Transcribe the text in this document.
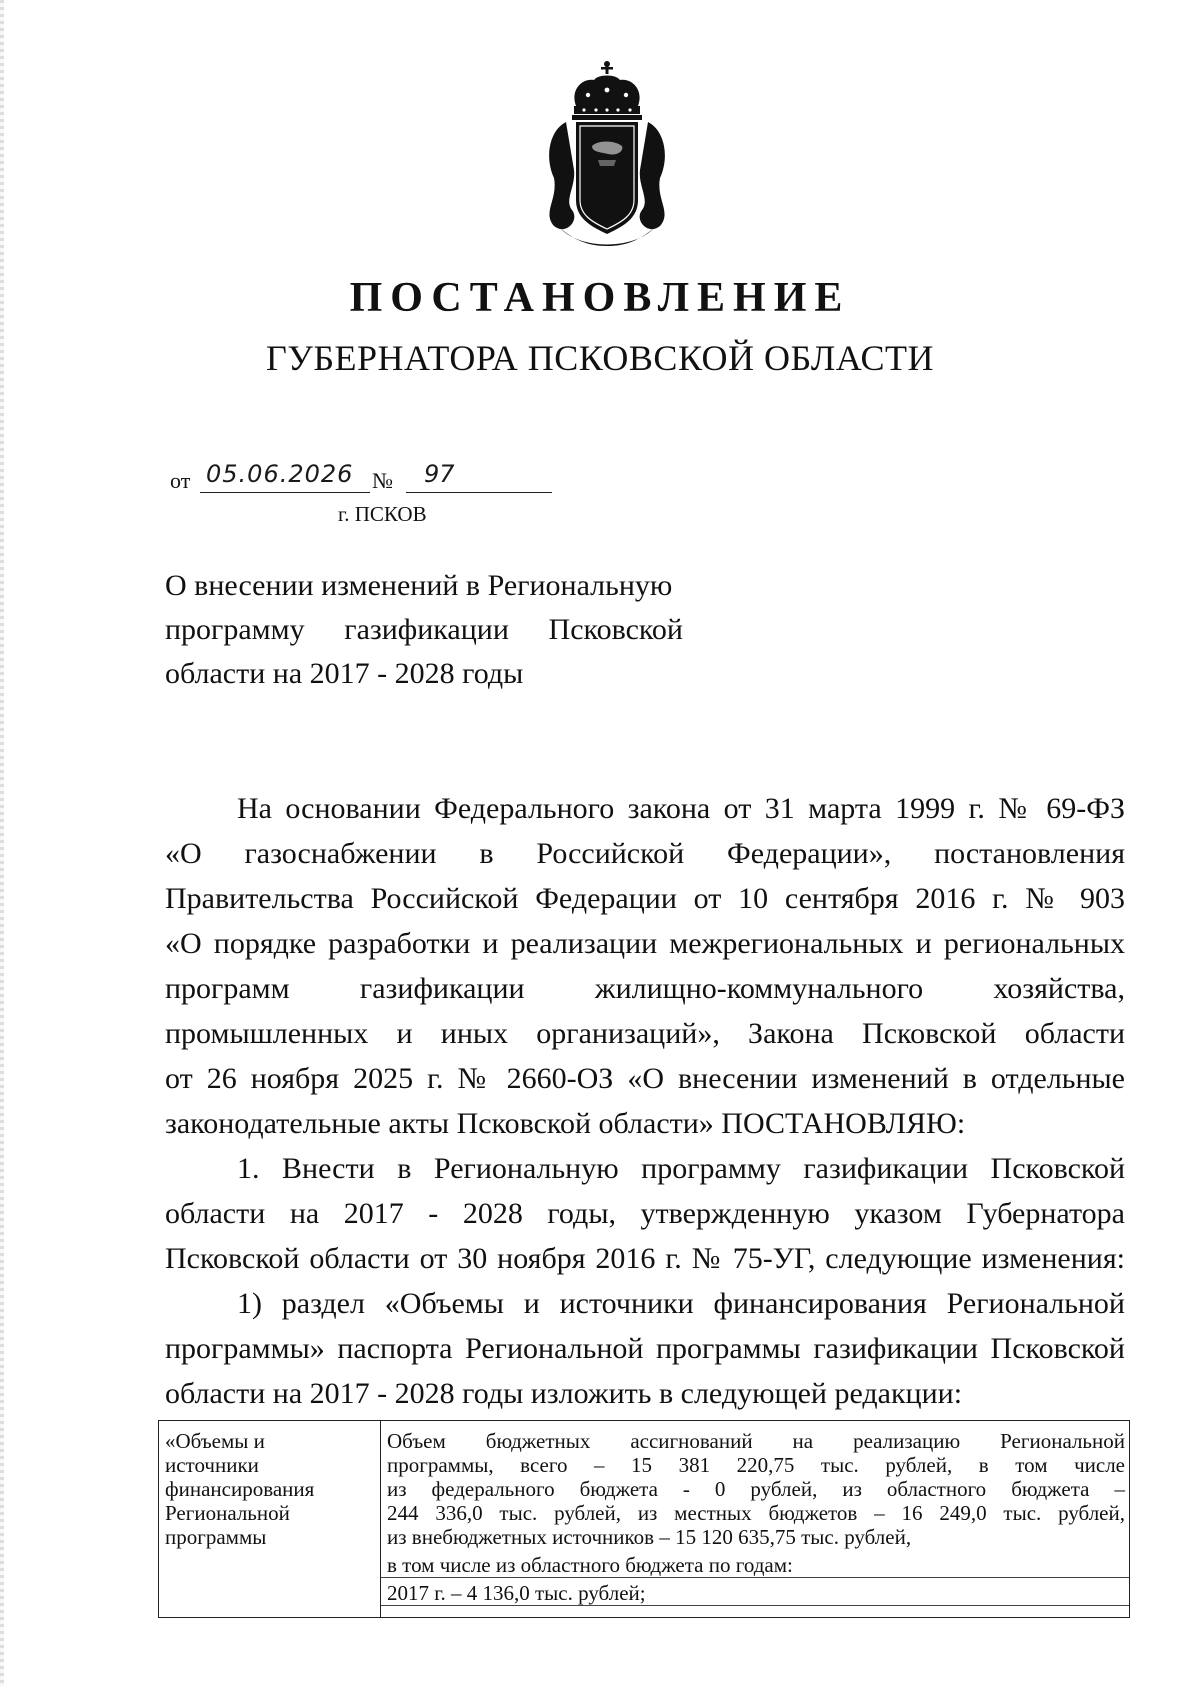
ПОСТАНОВЛЕНИЕ
ГУБЕРНАТОРА ПСКОВСКОЙ ОБЛАСТИ
от 05.06.2026 № 97
г. ПСКОВ
О внесении изменений в Региональную
программу газификации Псковской
области на 2017 - 2028 годы
На основании Федерального закона от 31 марта 1999 г. № 69-ФЗ
«О газоснабжении в Российской Федерации», постановления
Правительства Российской Федерации от 10 сентября 2016 г. № 903
«О порядке разработки и реализации межрегиональных и региональных
программ газификации жилищно-коммунального хозяйства,
промышленных и иных организаций», Закона Псковской области
от 26 ноября 2025 г. № 2660-ОЗ «О внесении изменений в отдельные
законодательные акты Псковской области» ПОСТАНОВЛЯЮ:
1. Внести в Региональную программу газификации Псковской
области на 2017 - 2028 годы, утвержденную указом Губернатора
Псковской области от 30 ноября 2016 г. № 75-УГ, следующие изменения:
1) раздел «Объемы и источники финансирования Региональной
программы» паспорта Региональной программы газификации Псковской
области на 2017 - 2028 годы изложить в следующей редакции:
«Объемы и
источники
финансирования
Региональной
программы
Объем бюджетных ассигнований на реализацию Региональной
программы, всего – 15 381 220,75 тыс. рублей, в том числе
из федерального бюджета - 0 рублей, из областного бюджета –
244 336,0 тыс. рублей, из местных бюджетов – 16 249,0 тыс. рублей,
из внебюджетных источников – 15 120 635,75 тыс. рублей,
в том числе из областного бюджета по годам:
2017 г. – 4 136,0 тыс. рублей;
